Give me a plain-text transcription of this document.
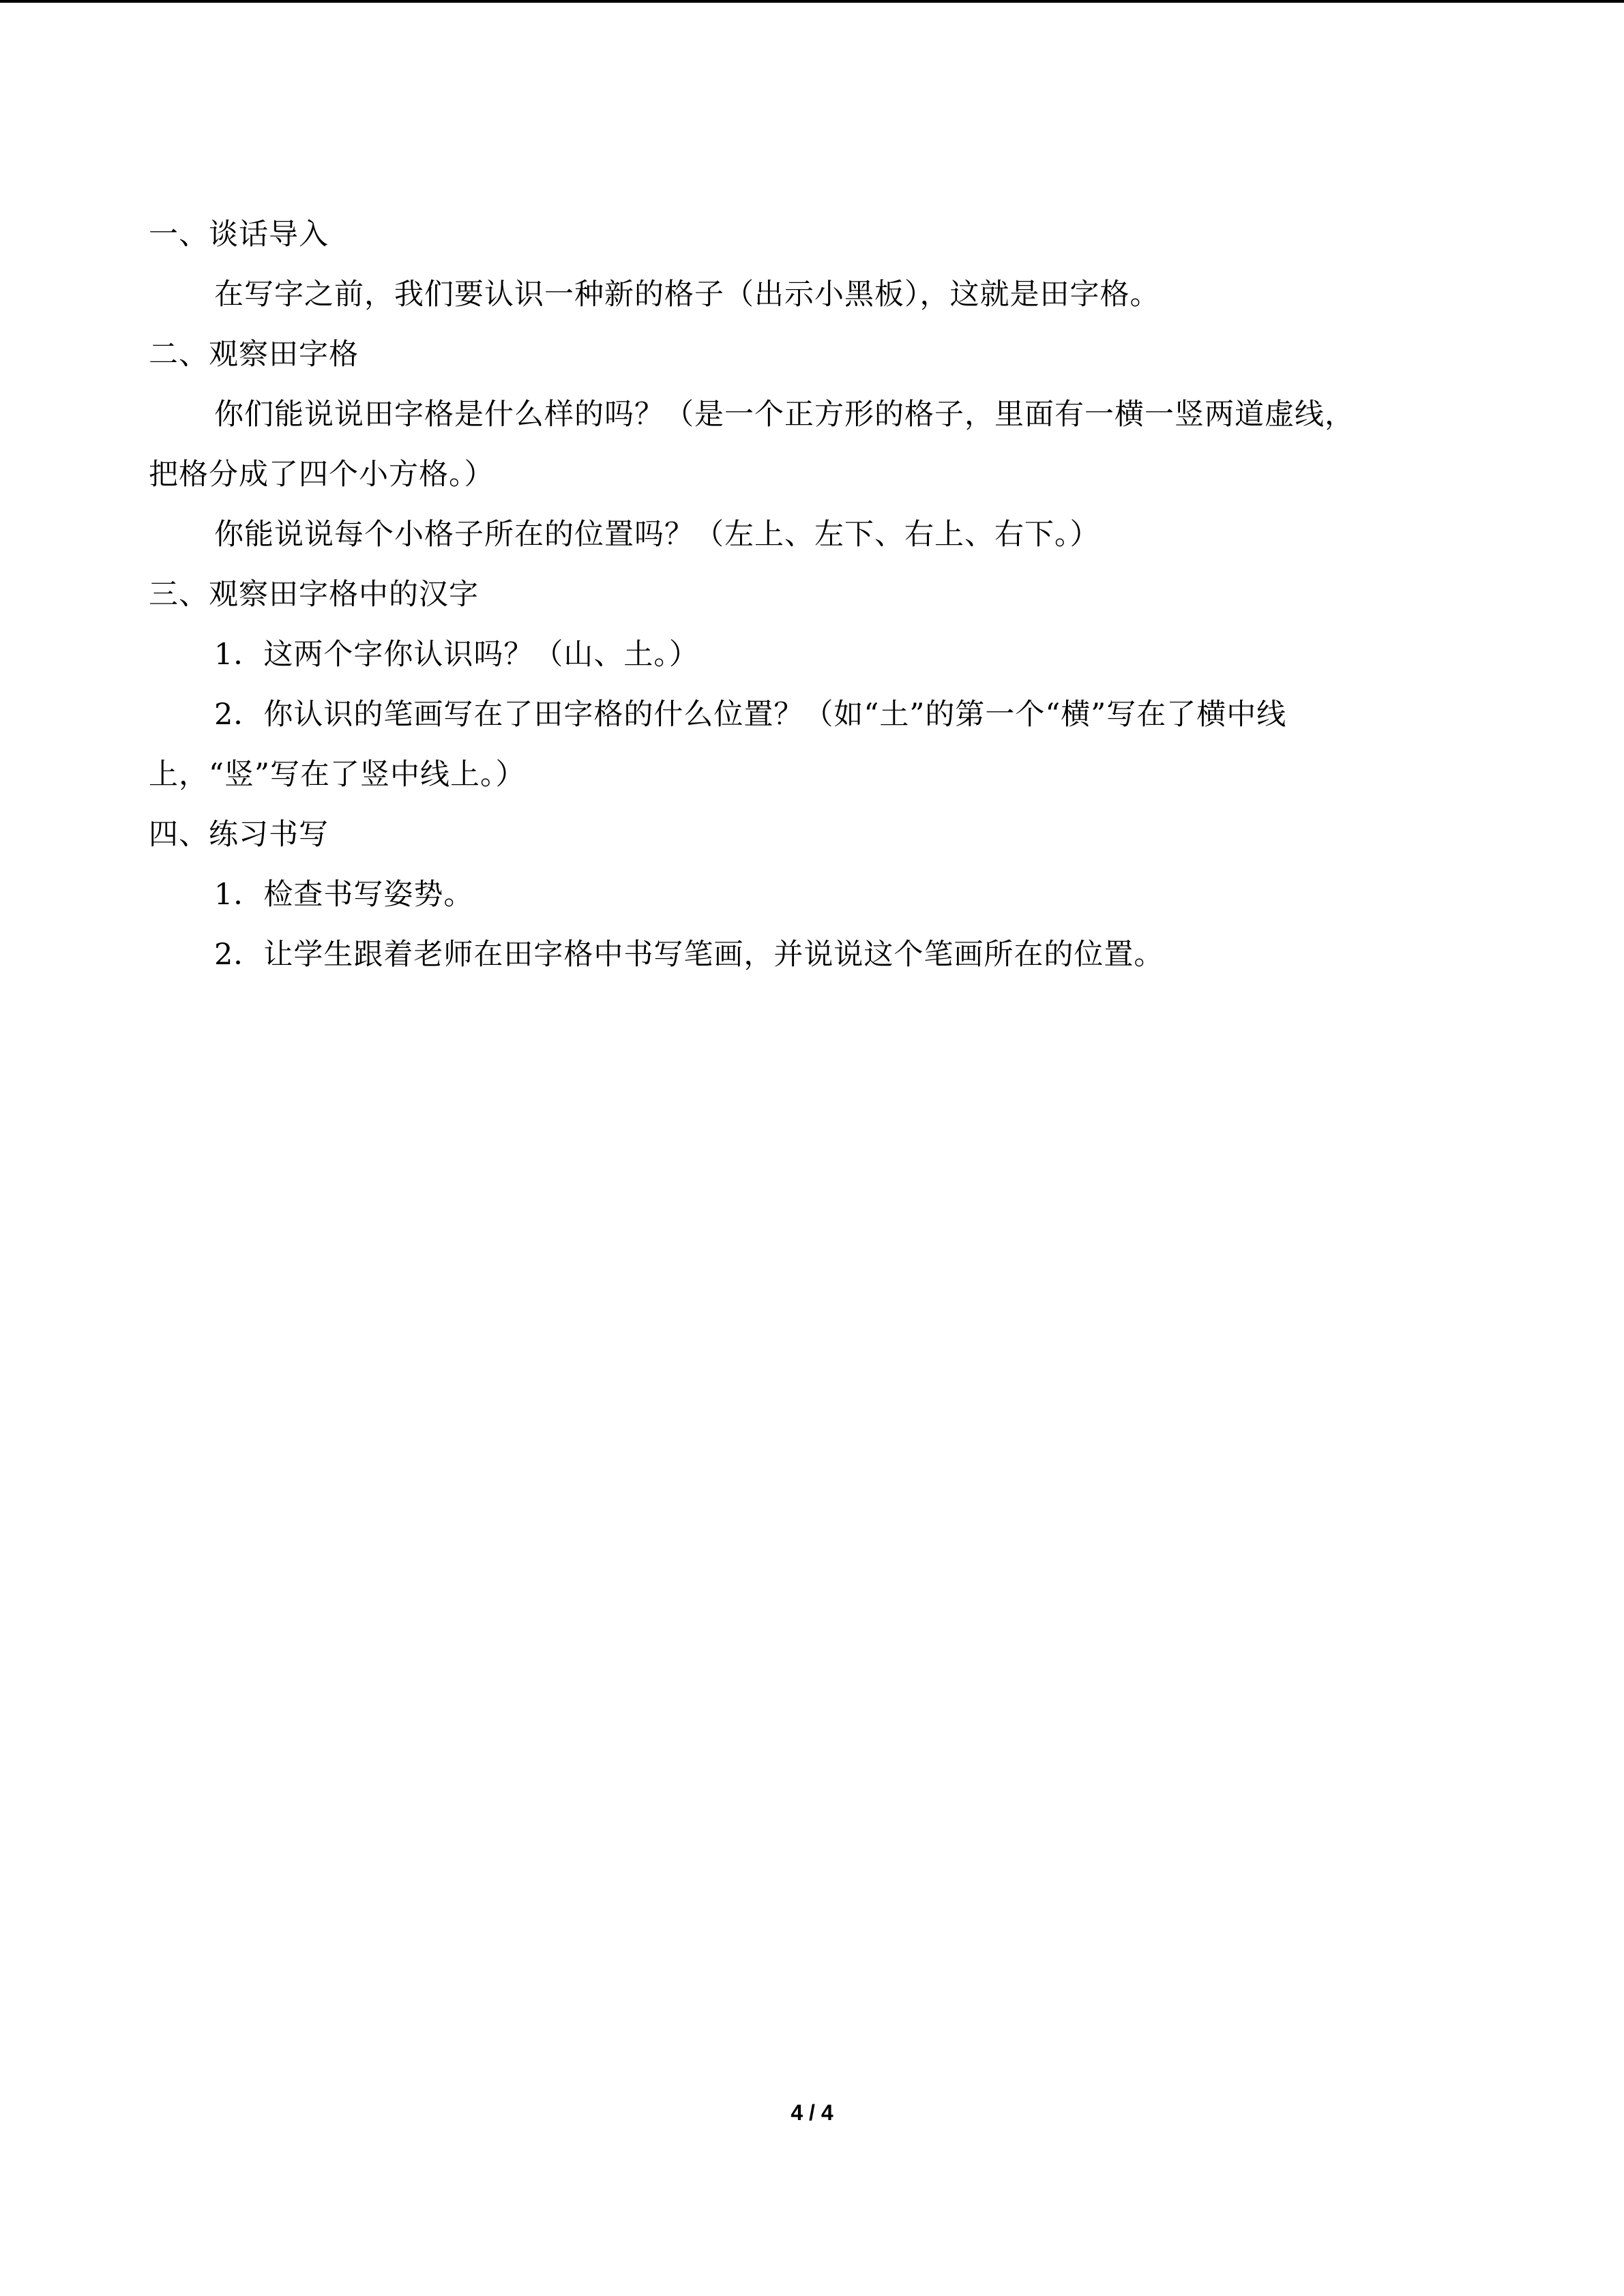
一、谈话导入
在写字之前，我们要认识一种新的格子（出示小黑板），这就是田字格。
二、观察田字格
你们能说说田字格是什么样的吗？（是一个正方形的格子，里面有一横一竖两道虚线，
把格分成了四个小方格。）
你能说说每个小格子所在的位置吗？（左上、左下、右上、右下。）
三、观察田字格中的汉字
1．这两个字你认识吗？（山、土。）
2．你认识的笔画写在了田字格的什么位置？（如“土”的第一个“横”写在了横中线
上，“竖”写在了竖中线上。）
四、练习书写
1．检查书写姿势。
2．让学生跟着老师在田字格中书写笔画，并说说这个笔画所在的位置。
4 / 4
